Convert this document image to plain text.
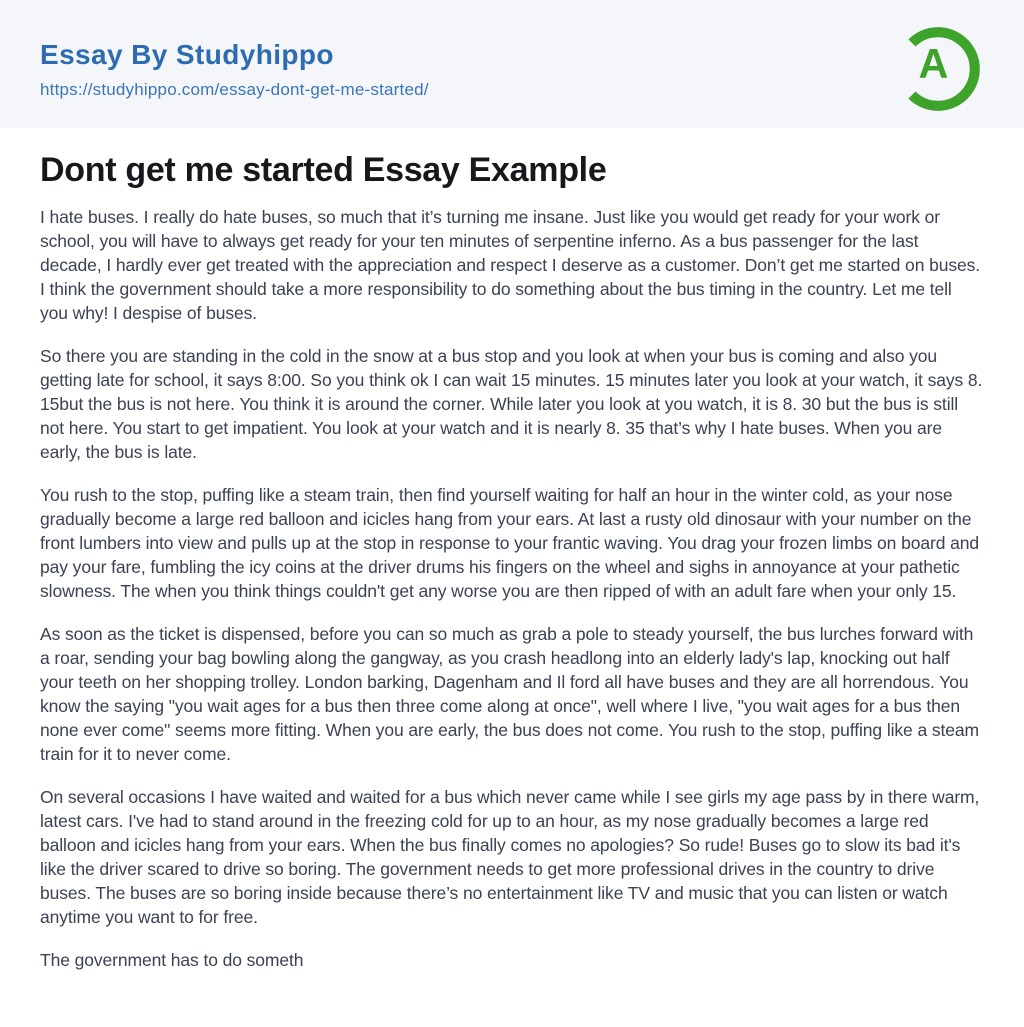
Essay By Studyhippo
https://studyhippo.com/essay-dont-get-me-started/
A
Dont get me started Essay Example

I hate buses. I really do hate buses, so much that it’s turning me insane. Just like you would get ready for your work or school, you will have to always get ready for your ten minutes of serpentine inferno. As a bus passenger for the last decade, I hardly ever get treated with the appreciation and respect I deserve as a customer. Don’t get me started on buses. I think the government should take a more responsibility to do something about the bus timing in the country. Let me tell you why! I despise of buses.

So there you are standing in the cold in the snow at a bus stop and you look at when your bus is coming and also you getting late for school, it says 8:00. So you think ok I can wait 15 minutes. 15 minutes later you look at your watch, it says 8. 15but the bus is not here. You think it is around the corner. While later you look at you watch, it is 8. 30 but the bus is still not here. You start to get impatient. You look at your watch and it is nearly 8. 35 that’s why I hate buses. When you are early, the bus is late.

You rush to the stop, puffing like a steam train, then find yourself waiting for half an hour in the winter cold, as your nose gradually become a large red balloon and icicles hang from your ears. At last a rusty old dinosaur with your number on the front lumbers into view and pulls up at the stop in response to your frantic waving. You drag your frozen limbs on board and pay your fare, fumbling the icy coins at the driver drums his fingers on the wheel and sighs in annoyance at your pathetic slowness. The when you think things couldn't get any worse you are then ripped of with an adult fare when your only 15.

As soon as the ticket is dispensed, before you can so much as grab a pole to steady yourself, the bus lurches forward with a roar, sending your bag bowling along the gangway, as you crash headlong into an elderly lady's lap, knocking out half your teeth on her shopping trolley. London barking, Dagenham and Il ford all have buses and they are all horrendous. You know the saying "you wait ages for a bus then three come along at once", well where I live, "you wait ages for a bus then none ever come" seems more fitting. When you are early, the bus does not come. You rush to the stop, puffing like a steam train for it to never come.

On several occasions I have waited and waited for a bus which never came while I see girls my age pass by in there warm, latest cars. I've had to stand around in the freezing cold for up to an hour, as my nose gradually becomes a large red balloon and icicles hang from your ears. When the bus finally comes no apologies? So rude! Buses go to slow its bad it's like the driver scared to drive so boring. The government needs to get more professional drives in the country to drive buses. The buses are so boring inside because there’s no entertainment like TV and music that you can listen or watch anytime you want to for free.

The government has to do someth
